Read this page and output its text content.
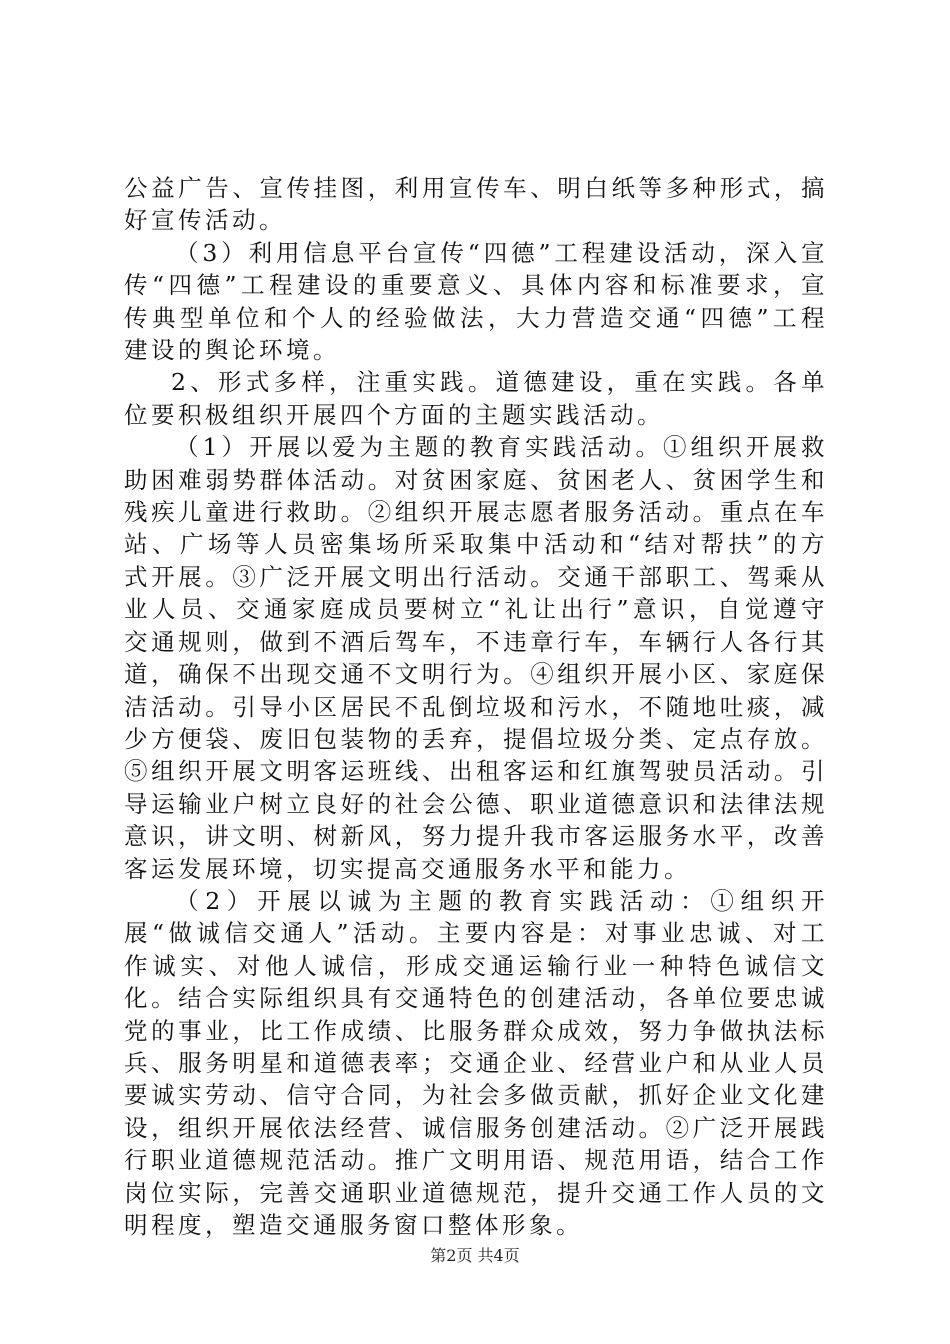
公益广告、宣传挂图，利用宣传车、明白纸等多种形式，搞好宣传活动。

（3）利用信息平台宣传“四德”工程建设活动，深入宣传“四德”工程建设的重要意义、具体内容和标准要求，宣传典型单位和个人的经验做法，大力营造交通“四德”工程建设的舆论环境。

2、形式多样，注重实践。道德建设，重在实践。各单位要积极组织开展四个方面的主题实践活动。

（1）开展以爱为主题的教育实践活动。①组织开展救助困难弱势群体活动。对贫困家庭、贫困老人、贫困学生和残疾儿童进行救助。②组织开展志愿者服务活动。重点在车站、广场等人员密集场所采取集中活动和“结对帮扶”的方式开展。③广泛开展文明出行活动。交通干部职工、驾乘从业人员、交通家庭成员要树立“礼让出行”意识，自觉遵守交通规则，做到不酒后驾车，不违章行车，车辆行人各行其道，确保不出现交通不文明行为。④组织开展小区、家庭保洁活动。引导小区居民不乱倒垃圾和污水，不随地吐痰，减少方便袋、废旧包装物的丢弃，提倡垃圾分类、定点存放。⑤组织开展文明客运班线、出租客运和红旗驾驶员活动。引导运输业户树立良好的社会公德、职业道德意识和法律法规意识，讲文明、树新风，努力提升我市客运服务水平，改善客运发展环境，切实提高交通服务水平和能力。

（2）开展以诚为主题的教育实践活动：①组织开展“做诚信交通人”活动。主要内容是：对事业忠诚、对工作诚实、对他人诚信，形成交通运输行业一种特色诚信文化。结合实际组织具有交通特色的创建活动，各单位要忠诚党的事业，比工作成绩、比服务群众成效，努力争做执法标兵、服务明星和道德表率；交通企业、经营业户和从业人员要诚实劳动、信守合同，为社会多做贡献，抓好企业文化建设，组织开展依法经营、诚信服务创建活动。②广泛开展践行职业道德规范活动。推广文明用语、规范用语，结合工作岗位实际，完善交通职业道德规范，提升交通工作人员的文明程度，塑造交通服务窗口整体形象。

第2页 共4页
